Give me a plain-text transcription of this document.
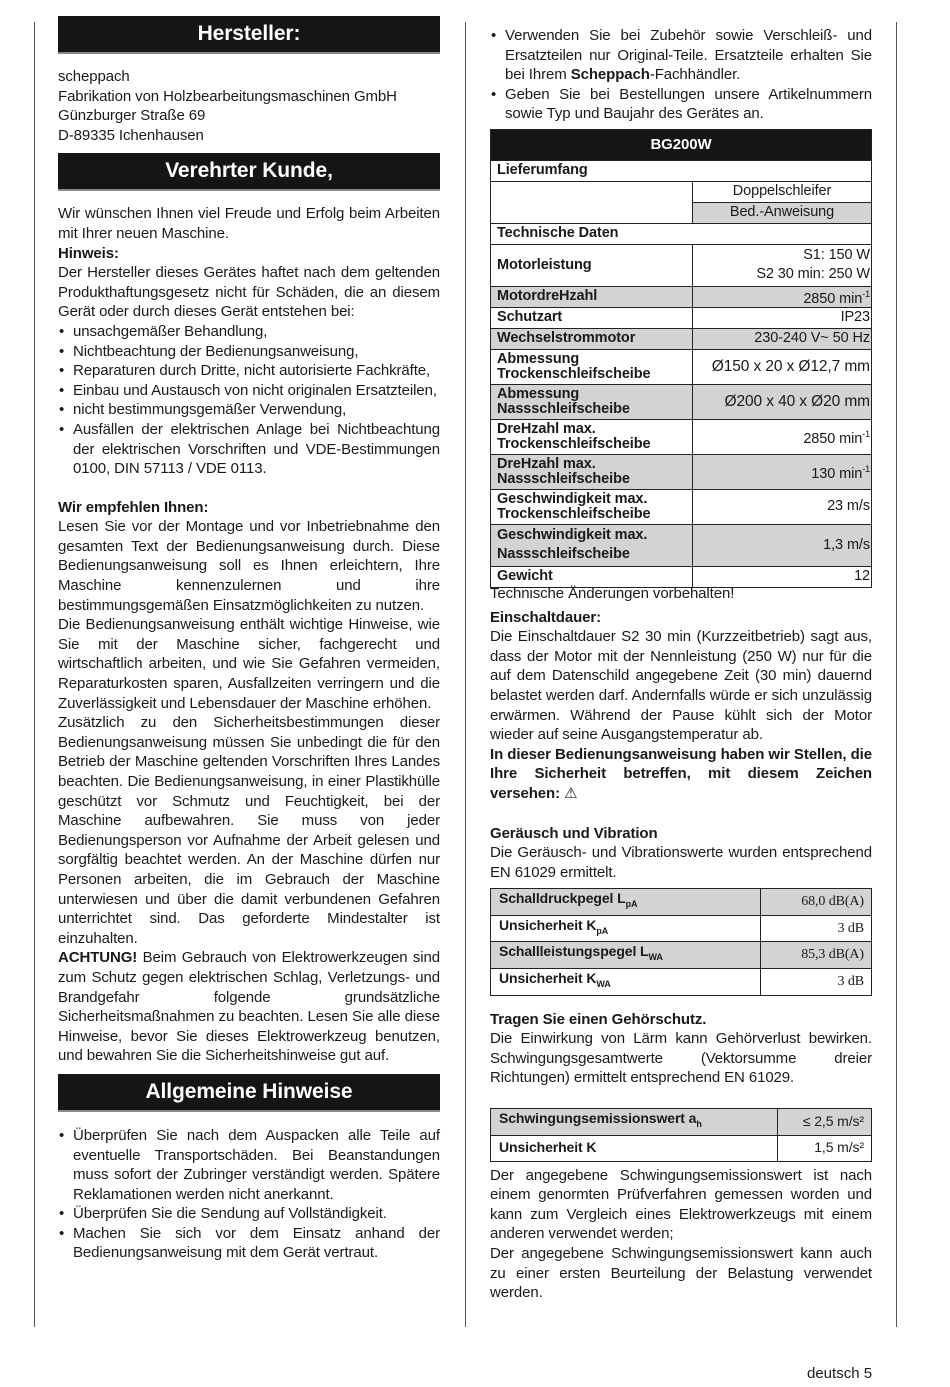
Hersteller:

scheppach

Fabrikation von Holzbearbeitungsmaschinen GmbH

Günzburger Straße 69

D-89335 Ichenhausen

Verehrter Kunde,

Wir wünschen Ihnen viel Freude und Erfolg beim Arbeiten mit Ihrer neuen Maschine.

Hinweis:

Der Hersteller dieses Gerätes haftet nach dem geltenden Produkthaftungsgesetz nicht für Schäden, die an diesem Gerät oder durch dieses Gerät entstehen bei:

• unsachgemäßer Behandlung,
• Nichtbeachtung der Bedienungsanweisung,
• Reparaturen durch Dritte, nicht autorisierte Fachkräfte,
• Einbau und Austausch von nicht originalen Ersatzteilen,
• nicht bestimmungsgemäßer Verwendung,
• Ausfällen der elektrischen Anlage bei Nichtbeachtung der elektrischen Vorschriften und VDE-Bestimmungen 0100, DIN 57113 / VDE 0113.

Wir empfehlen Ihnen:

Lesen Sie vor der Montage und vor Inbetriebnahme den gesamten Text der Bedienungsanweisung durch. Diese Bedienungsanweisung soll es Ihnen erleichtern, Ihre Maschine kennenzulernen und ihre bestimmungsgemäßen Einsatzmöglichkeiten zu nutzen.

Die Bedienungsanweisung enthält wichtige Hinweise, wie Sie mit der Maschine sicher, fachgerecht und wirtschaftlich arbeiten, und wie Sie Gefahren vermeiden, Reparaturkosten sparen, Ausfallzeiten verringern und die Zuverlässigkeit und Lebensdauer der Maschine erhöhen.

Zusätzlich zu den Sicherheitsbestimmungen dieser Bedienungsanweisung müssen Sie unbedingt die für den Betrieb der Maschine geltenden Vorschriften Ihres Landes beachten. Die Bedienungsanweisung, in einer Plastikhülle geschützt vor Schmutz und Feuchtigkeit, bei der Maschine aufbewahren. Sie muss von jeder Bedienungsperson vor Aufnahme der Arbeit gelesen und sorgfältig beachtet werden. An der Maschine dürfen nur Personen arbeiten, die im Gebrauch der Maschine unterwiesen und über die damit verbundenen Gefahren unterrichtet sind. Das geforderte Mindestalter ist einzuhalten.

ACHTUNG! Beim Gebrauch von Elektrowerkzeugen sind zum Schutz gegen elektrischen Schlag, Verletzungs- und Brandgefahr folgende grundsätzliche Sicherheitsmaßnahmen zu beachten. Lesen Sie alle diese Hinweise, bevor Sie dieses Elektrowerkzeug benutzen, und bewahren Sie die Sicherheitshinweise gut auf.

Allgemeine Hinweise
• Überprüfen Sie nach dem Auspacken alle Teile auf eventuelle Transportschäden. Bei Beanstandungen muss sofort der Zubringer verständigt werden. Spätere Reklamationen werden nicht anerkannt.
• Überprüfen Sie die Sendung auf Vollständigkeit.
• Machen Sie sich vor dem Einsatz anhand der Bedienungsanweisung mit dem Gerät vertraut.
• Verwenden Sie bei Zubehör sowie Verschleiß- und Ersatzteilen nur Original-Teile. Ersatzteile erhalten Sie bei Ihrem Scheppach-Fachhändler.
• Geben Sie bei Bestellungen unsere Artikelnummern sowie Typ und Baujahr des Gerätes an.
BG200W	
Lieferumfang	
	Doppelschleifer
	Bed.-Anweisung
Technische Daten	
Motorleistung	S1: 150 W
S2 30 min: 250 W

MotordreHzahl	2850 $\min^{-1}$
Schutzart	IP23
Wechselstrommotor	230-240 V~ 50 Hz

Abmessung
Trockenschleifscheibe	Ø150 x 20 x Ø12,7 mm

Abmessung
Nassschleifscheibe	Ø200 x 40 x Ø20 mm

DreHzahl max.
Trockenschleifscheibe	2850 $\min^{-1}$

DreHzahl max.
Nassschleifscheibe	130 $\min^{-1}$

Geschwindigkeit max.
Trockenschleifscheibe	23 m/s

Geschwindigkeit max.
Nassschleifscheibe	1,3 m/s
Gewicht	12

Technische Änderungen vorbehalten!

Einschaltdauer:

Die Einschaltdauer S2 30 min (Kurzzeitbetrieb) sagt aus, dass der Motor mit der Nennleistung (250 W) nur für die auf dem Datenschild angegebene Zeit (30 min) dauernd belastet werden darf. Andernfalls würde er sich unzulässig erwärmen. Während der Pause kühlt sich der Motor wieder auf seine Ausgangstemperatur ab.

In dieser Bedienungsanweisung haben wir Stellen, die Ihre Sicherheit betreffen, mit diesem Zeichen versehen: ⚠

Geräusch und Vibration

Die Geräusch- und Vibrationswerte wurden entsprechend EN 61029 ermittelt.

Schalldruckpegel $L_{pA}$	68,0 dB(A)
Unsicherheit $K_{pA}$	3 dB
Schallleistungspegel $L_{WA}$	85,3 dB(A)
Unsicherheit $K_{WA}$	3 dB

Tragen Sie einen Gehörschutz.

Die Einwirkung von Lärm kann Gehörverlust bewirken. Schwingungsgesamtwerte (Vektorsumme dreier Richtungen) ermittelt entsprechend EN 61029.

Schwingungsemissionswert $a_h$	≤ 2,5 m/s²
Unsicherheit K	1,5 m/s²

Der angegebene Schwingungsemissionswert ist nach einem genormten Prüfverfahren gemessen worden und kann zum Vergleich eines Elektrowerkzeugs mit einem anderen verwendet werden;

Der angegebene Schwingungsemissionswert kann auch zu einer ersten Beurteilung der Belastung verwendet werden.

deutsch 5
